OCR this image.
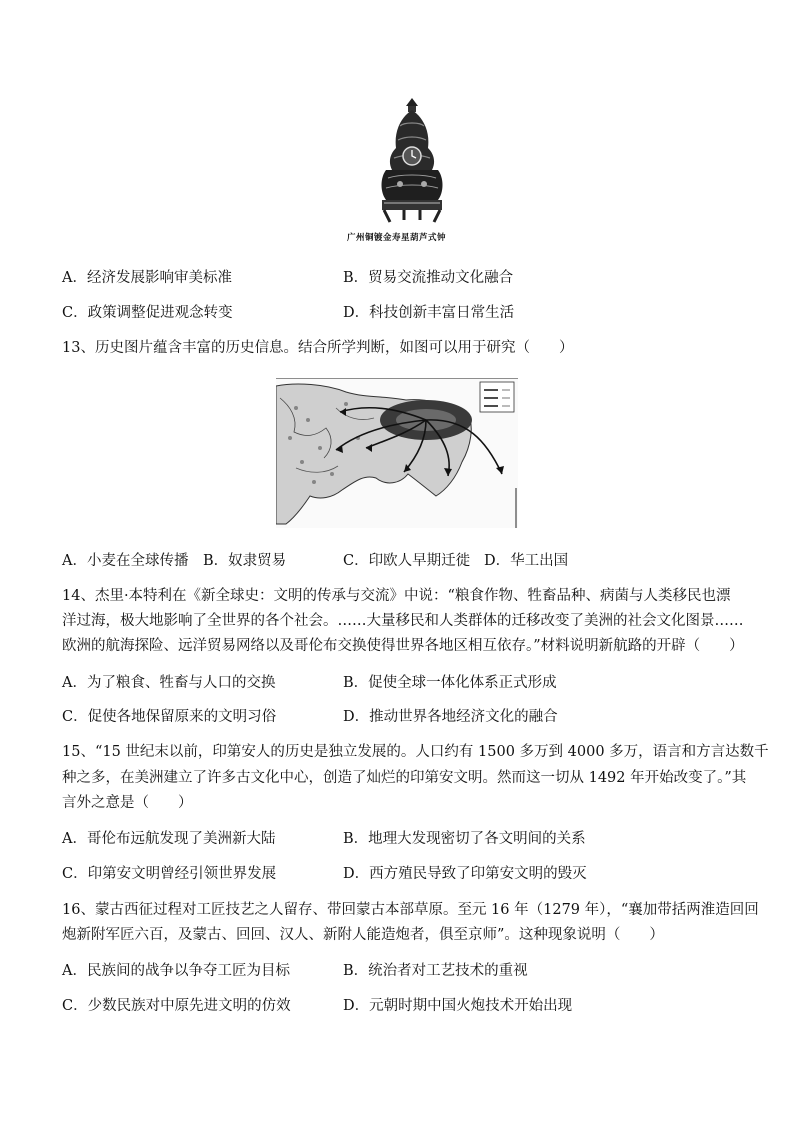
广州铜镀金寿星葫芦式钟
A．经济发展影响审美标准	B．贸易交流推动文化融合
C．政策调整促进观念转变	D．科技创新丰富日常生活
13、历史图片蕴含丰富的历史信息。结合所学判断，如图可以用于研究（　　）
A．小麦在全球传播 B．奴隶贸易	C．印欧人早期迁徙 D．华工出国
14、杰里·本特利在《新全球史：文明的传承与交流》中说：“粮食作物、牲畜品种、病菌与人类移民也漂
洋过海，极大地影响了全世界的各个社会。……大量移民和人类群体的迁移改变了美洲的社会文化图景……
欧洲的航海探险、远洋贸易网络以及哥伦布交换使得世界各地区相互依存。”材料说明新航路的开辟（　　）
A．为了粮食、牲畜与人口的交换	B．促使全球一体化体系正式形成
C．促使各地保留原来的文明习俗	D．推动世界各地经济文化的融合
15、“15 世纪末以前，印第安人的历史是独立发展的。人口约有 1500 多万到 4000 多万，语言和方言达数千
种之多，在美洲建立了许多古文化中心，创造了灿烂的印第安文明。然而这一切从 1492 年开始改变了。”其
言外之意是（　　）
A．哥伦布远航发现了美洲新大陆	B．地理大发现密切了各文明间的关系
C．印第安文明曾经引领世界发展	D．西方殖民导致了印第安文明的毁灭
16、蒙古西征过程对工匠技艺之人留存、带回蒙古本部草原。至元 16 年（1279 年），“襄加带括两淮造回回
炮新附军匠六百，及蒙古、回回、汉人、新附人能造炮者，俱至京师”。这种现象说明（　　）
A．民族间的战争以争夺工匠为目标	B．统治者对工艺技术的重视
C．少数民族对中原先进文明的仿效	D．元朝时期中国火炮技术开始出现
